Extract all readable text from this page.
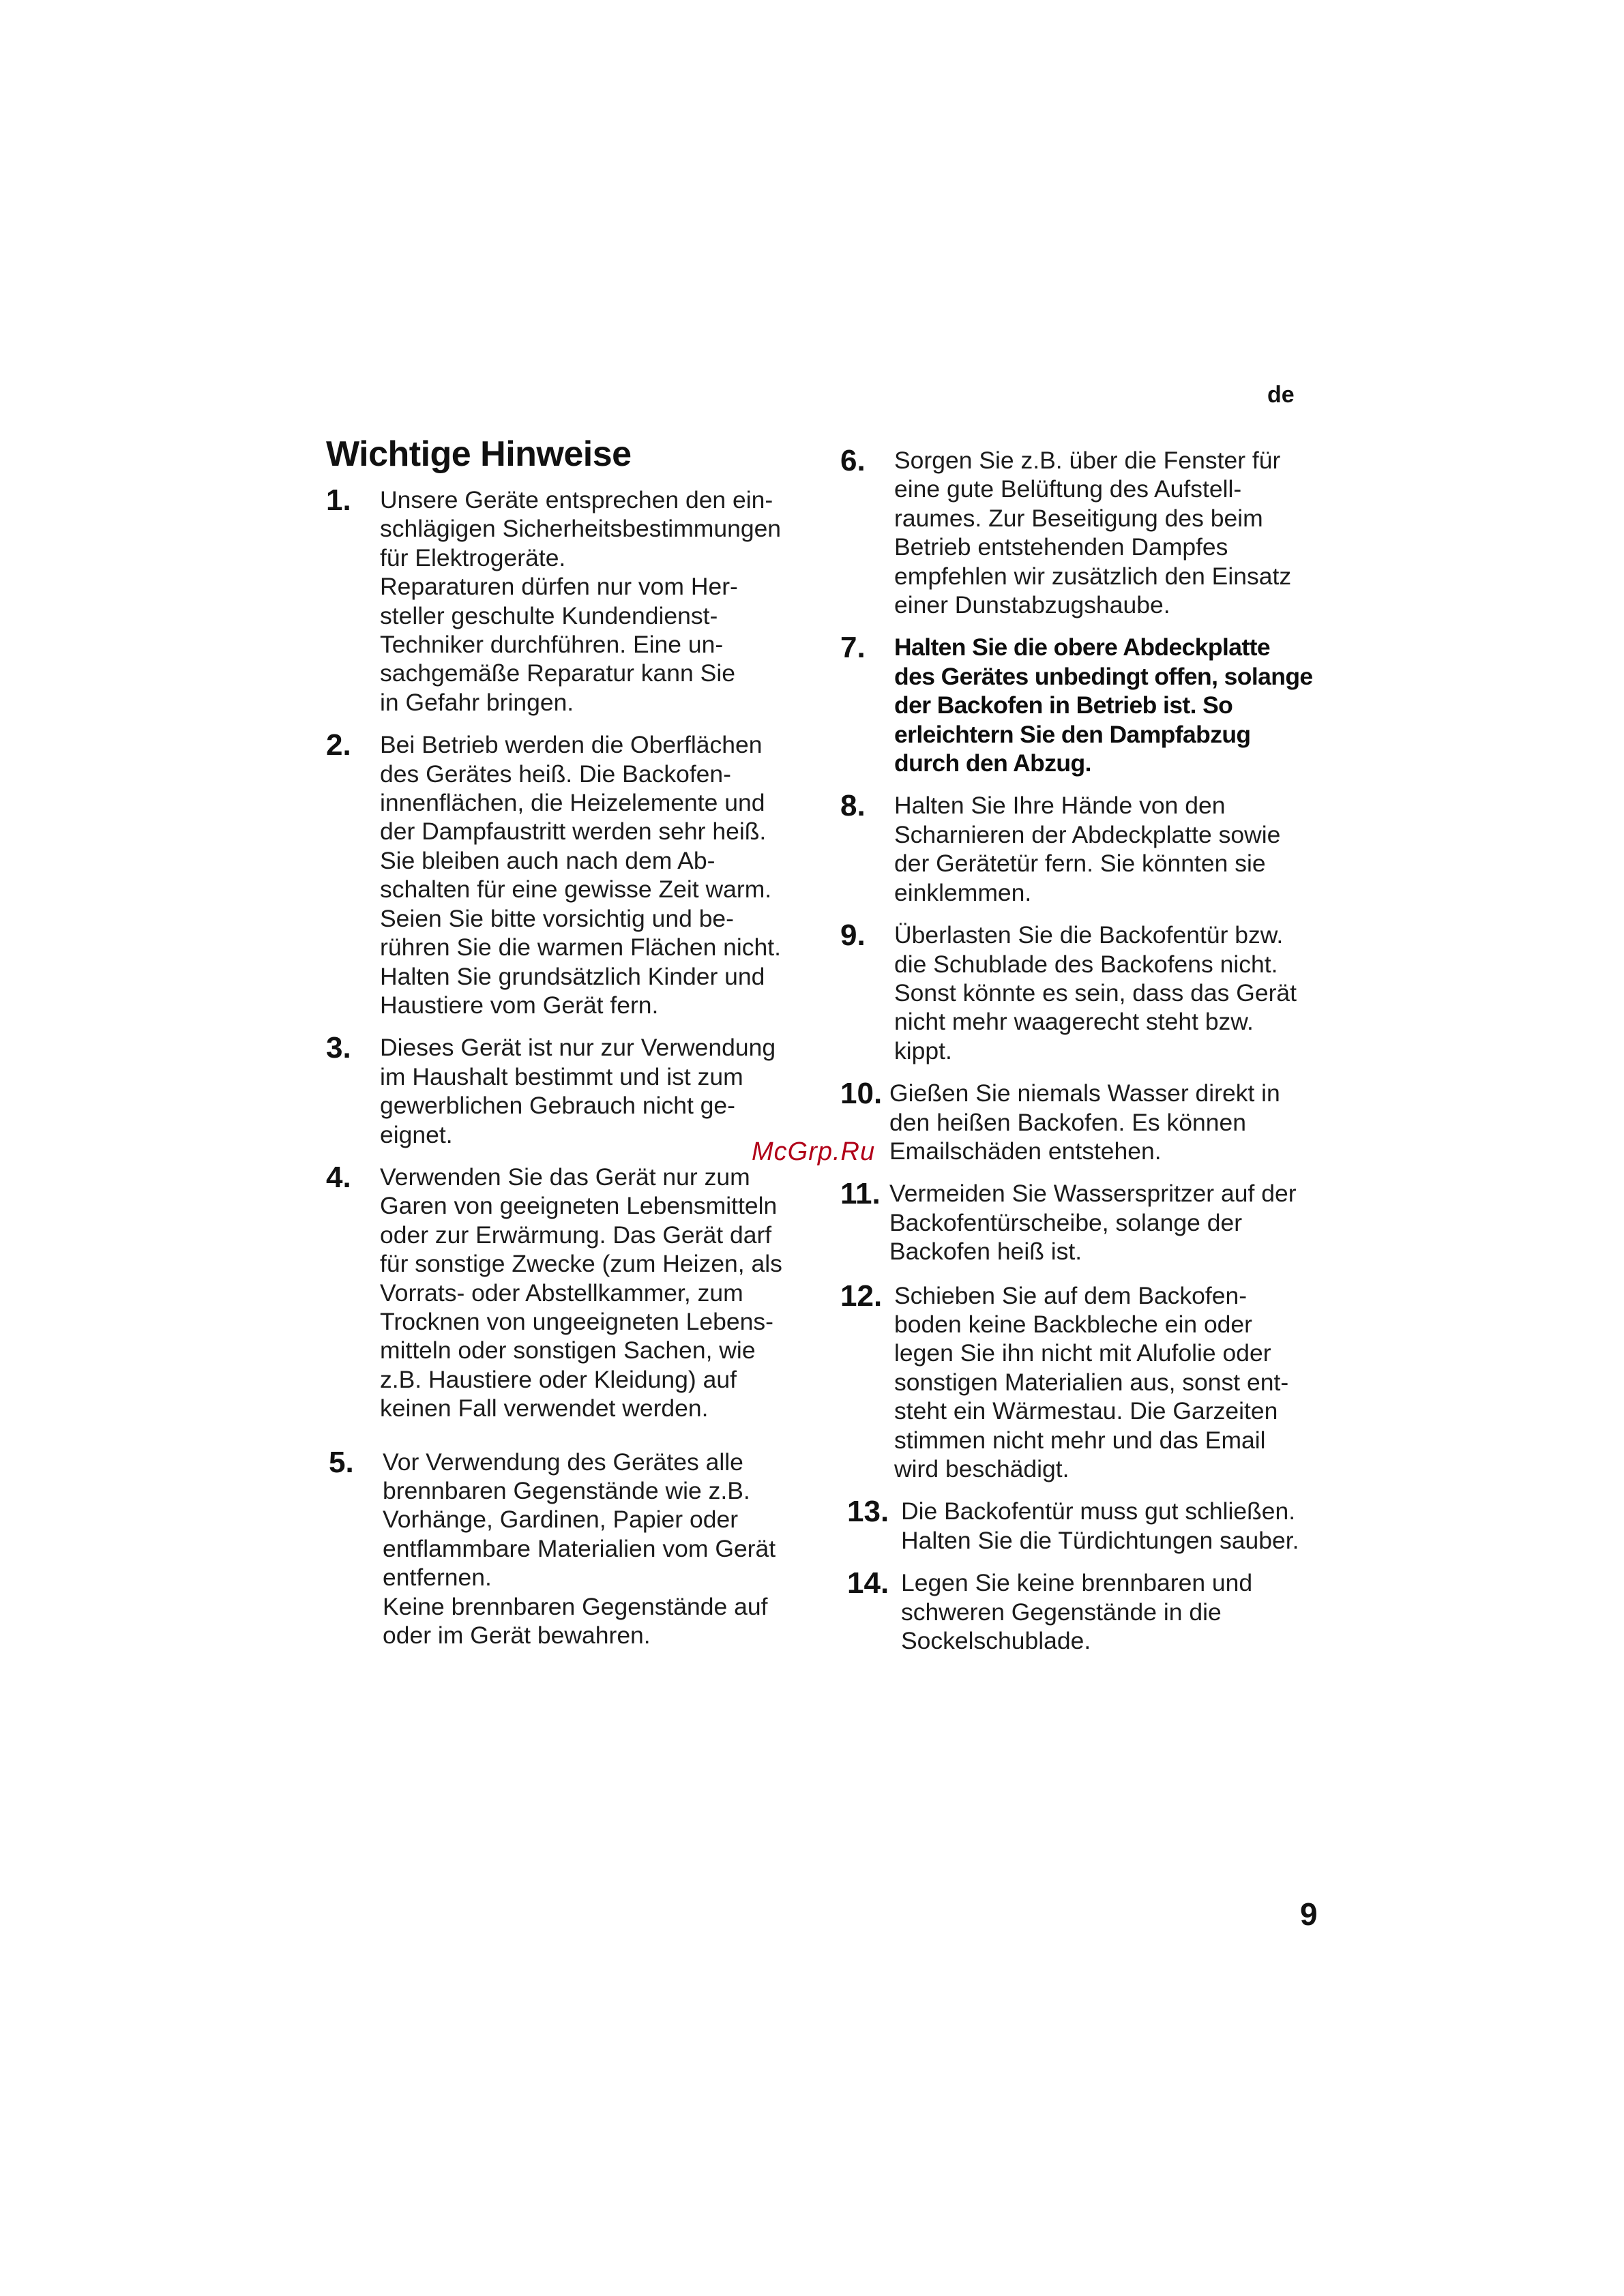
de
Wichtige Hinweise
1. Unsere Geräte entsprechen den ein-
schlägigen Sicherheitsbestimmungen
für Elektrogeräte.
Reparaturen dürfen nur vom Her-
steller geschulte Kundendienst-
Techniker durchführen. Eine un-
sachgemäße Reparatur kann Sie
in Gefahr bringen.
2. Bei Betrieb werden die Oberflächen
des Gerätes heiß. Die Backofen-
innenflächen, die Heizelemente und
der Dampfaustritt werden sehr heiß.
Sie bleiben auch nach dem Ab-
schalten für eine gewisse Zeit warm.
Seien Sie bitte vorsichtig und be-
rühren Sie die warmen Flächen nicht.
Halten Sie grundsätzlich Kinder und
Haustiere vom Gerät fern.
3. Dieses Gerät ist nur zur Verwendung
im Haushalt bestimmt und ist zum
gewerblichen Gebrauch nicht ge-
eignet.
4. Verwenden Sie das Gerät nur zum
Garen von geeigneten Lebensmitteln
oder zur Erwärmung. Das Gerät darf
für sonstige Zwecke (zum Heizen, als
Vorrats- oder Abstellkammer, zum
Trocknen von ungeeigneten Lebens-
mitteln oder sonstigen Sachen, wie
z.B. Haustiere oder Kleidung) auf
keinen Fall verwendet werden.
5. Vor Verwendung des Gerätes alle
brennbaren Gegenstände wie z.B.
Vorhänge, Gardinen, Papier oder
entflammbare Materialien vom Gerät
entfernen.
Keine brennbaren Gegenstände auf
oder im Gerät bewahren.
6. Sorgen Sie z.B. über die Fenster für
eine gute Belüftung des Aufstell-
raumes. Zur Beseitigung des beim
Betrieb entstehenden Dampfes
empfehlen wir zusätzlich den Einsatz
einer Dunstabzugshaube.
7. Halten Sie die obere Abdeckplatte
des Gerätes unbedingt offen, solange
der Backofen in Betrieb ist. So
erleichtern Sie den Dampfabzug
durch den Abzug.
8. Halten Sie Ihre Hände von den
Scharnieren der Abdeckplatte sowie
der Gerätetür fern. Sie könnten sie
einklemmen.
9. Überlasten Sie die Backofentür bzw.
die Schublade des Backofens nicht.
Sonst könnte es sein, dass das Gerät
nicht mehr waagerecht steht bzw.
kippt.
10. Gießen Sie niemals Wasser direkt in
den heißen Backofen. Es können
Emailschäden entstehen.
11. Vermeiden Sie Wasserspritzer auf der
Backofentürscheibe, solange der
Backofen heiß ist.
12. Schieben Sie auf dem Backofen-
boden keine Backbleche ein oder
legen Sie ihn nicht mit Alufolie oder
sonstigen Materialien aus, sonst ent-
steht ein Wärmestau. Die Garzeiten
stimmen nicht mehr und das Email
wird beschädigt.
13. Die Backofentür muss gut schließen.
Halten Sie die Türdichtungen sauber.
14. Legen Sie keine brennbaren und
schweren Gegenstände in die
Sockelschublade.
McGrp.Ru
9
